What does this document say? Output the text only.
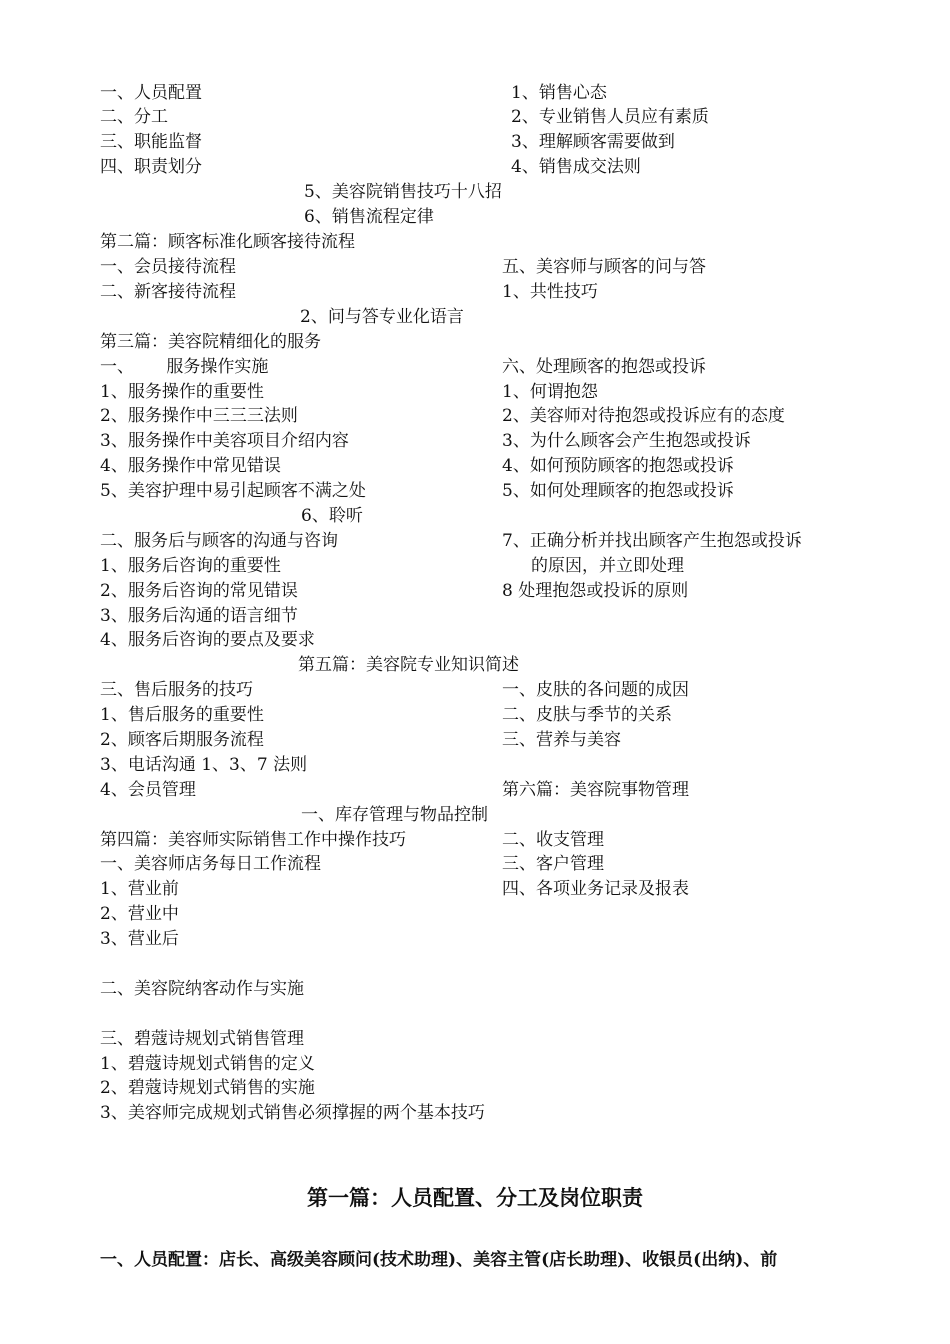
一、人员配置	1、销售心态
二、分工	2、专业销售人员应有素质
三、职能监督	3、理解顾客需要做到
四、职责划分	4、销售成交法则
5、美容院销售技巧十八招
6、销售流程定律
第二篇：顾客标准化顾客接待流程
一、会员接待流程	五、美容师与顾客的问与答
二、新客接待流程	1、共性技巧
2、问与答专业化语言
第三篇：美容院精细化的服务
一、      服务操作实施	六、处理顾客的抱怨或投诉
1、服务操作的重要性	1、何谓抱怨
2、服务操作中三三三法则	2、美容师对待抱怨或投诉应有的态度
3、服务操作中美容项目介绍内容	3、为什么顾客会产生抱怨或投诉
4、服务操作中常见错误	4、如何预防顾客的抱怨或投诉
5、美容护理中易引起顾客不满之处	5、如何处理顾客的抱怨或投诉
6、聆听
二、服务后与顾客的沟通与咨询	7、正确分析并找出顾客产生抱怨或投诉
1、服务后咨询的重要性	的原因，并立即处理
2、服务后咨询的常见错误	8 处理抱怨或投诉的原则
3、服务后沟通的语言细节
4、服务后咨询的要点及要求
第五篇：美容院专业知识简述
三、售后服务的技巧	一、皮肤的各问题的成因
1、售后服务的重要性	二、皮肤与季节的关系
2、顾客后期服务流程	三、营养与美容
3、电话沟通 1、3、7 法则
4、会员管理	第六篇：美容院事物管理
一、库存管理与物品控制
第四篇：美容师实际销售工作中操作技巧	二、收支管理
一、美容师店务每日工作流程	三、客户管理
1、营业前	四、各项业务记录及报表
2、营业中
3、营业后
二、美容院纳客动作与实施
三、碧蔻诗规划式销售管理
1、碧蔻诗规划式销售的定义
2、碧蔻诗规划式销售的实施
3、美容师完成规划式销售必须撑握的两个基本技巧
第一篇：人员配置、分工及岗位职责
一、人员配置：店长、高级美容顾问(技术助理)、美容主管(店长助理)、收银员(出纳)、前
